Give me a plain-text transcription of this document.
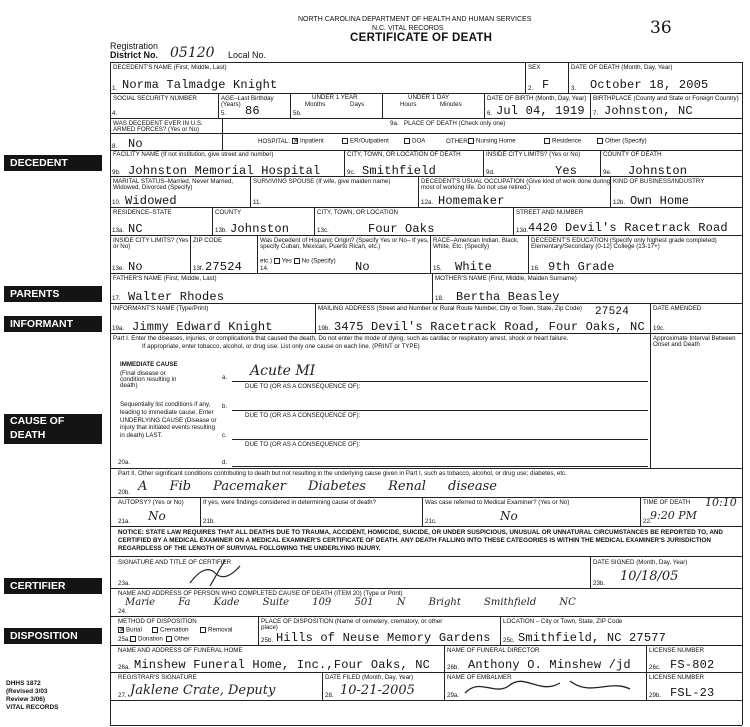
NORTH CAROLINA DEPARTMENT OF HEALTH AND HUMAN SERVICES
N.C. VITAL RECORDS
CERTIFICATE OF DEATH	36
Registration
District No. 05120 Local No.
DECEDENT
PARENTS
INFORMANT
CAUSE OF DEATH
CERTIFIER
DISPOSITION
DECEDENT'S NAME (First, Middle, Last)
1. Norma Talmadge Knight
SEX
2. F
DATE OF DEATH (Month, Day, Year)
3. October 18, 2005
SOCIAL SECURITY NUMBER
4.
AGE–Last Birthday (Years)
5. 86
UNDER 1 YEAR
Months	Days
5b.
UNDER 1 DAY
Hours	Minutes
DATE OF BIRTH (Month, Day, Year)
6. Jul 04, 1919
BIRTHPLACE (County and State or Foreign Country)
7. Johnston, NC
WAS DECEDENT EVER IN U.S. ARMED FORCES? (Yes or No)
8. No
9a. PLACE OF DEATH (Check only one)
HOSPITAL: ✕Inpatient	ER/Outpatient	DOA	OTHER:	Nursing Home	Residence	Other (Specify)
FACILITY NAME (If not institution, give street and number)
9b. Johnston Memorial Hospital
CITY, TOWN, OR LOCATION OF DEATH
9c. Smithfield
INSIDE CITY LIMITS? (Yes or No)
9d.	Yes
COUNTY OF DEATH
9e. Johnston
MARITAL STATUS–Married, Never Married, Widowed, Divorced (Specify)
10. Widowed
SURVIVING SPOUSE (If wife, give maiden name)
11.
DECEDENT'S USUAL OCCUPATION (Give kind of work done during most of working life. Do not use retired.)
12a. Homemaker
KIND OF BUSINESS/INDUSTRY
12b. Own Home
RESIDENCE–STATE
13a. NC
COUNTY
13b. Johnston
CITY, TOWN, OR LOCATION
13c.	Four Oaks
STREET AND NUMBER
13d. 4420 Devil's Racetrack Road
INSIDE CITY LIMITS? (Yes or No)
13e. No
ZIP CODE
13f. 27524
Was Decedent of Hispanic Origin? (Specify Yes or No– If yes, specify Cuban, Mexican, Puerto Rican, etc.)
etc.) Yes No (Specify)
14.	No
RACE–American Indian, Black, White, Etc. (Specify)
15. White
DECEDENT'S EDUCATION (Specify only highest grade completed) Elementary/Secondary (0-12) College (13-17+)
16. 9th Grade
FATHER'S NAME (First, Middle, Last)
17. Walter Rhodes
MOTHER'S NAME (First, Middle, Maiden Surname)
18. Bertha Beasley
INFORMANT'S NAME (Type/Print)
19a. Jimmy Edward Knight
MAILING ADDRESS (Street and Number or Rural Route Number, City or Town, State, Zip Code) 27524
19b. 3475 Devil's Racetrack Road, Four Oaks, NC
DATE AMENDED
19c.
Part I. Enter the diseases, injuries, or complications that caused the death. Do not enter the mode of dying, such as cardiac or respiratory arrest, shock or heart failure.
If appropriate, enter tobacco, alcohol, or drug use. List only one cause on each line. (PRINT or TYPE)
Approximate Interval Between Onset and Death
IMMEDIATE CAUSE
(Final disease or condition resulting in death)
a. Acute MI
DUE TO (OR AS A CONSEQUENCE OF):
Sequentially list conditions if any, leading to immediate cause. Enter UNDERLYING CAUSE (Disease or injury that initiated events resulting in death) LAST.
b.
DUE TO (OR AS A CONSEQUENCE OF):
c.
DUE TO (OR AS A CONSEQUENCE OF):
20a.	d.
Part II. Other significant conditions contributing to death but not resulting in the underlying cause given in Part I, such as tobacco, alcohol, or drug use; diabetes, etc.
20b. A Fib Pacemaker Diabetes Renal disease
AUTOPSY? (Yes or No)
21a. No
If yes, were findings considered in determining cause of death?
21b.
Was case referred to Medical Examiner? (Yes or No)
21c.	No
TIME OF DEATH 10:10
22.
9:20 PM
NOTICE: STATE LAW REQUIRES THAT ALL DEATHS DUE TO TRAUMA, ACCIDENT, HOMICIDE, SUICIDE, OR UNDER SUSPICIOUS, UNUSUAL OR UNNATURAL CIRCUMSTANCES BE REPORTED TO, AND CERTIFIED BY A MEDICAL EXAMINER ON A MEDICAL EXAMINER'S CERTIFICATE OF DEATH. ANY DEATH FALLING INTO THESE CATEGORIES IS WITHIN THE MEDICAL EXAMINER'S JURISDICTION REGARDLESS OF THE LENGTH OF SURVIVAL FOLLOWING THE UNDERLYING INJURY.
SIGNATURE AND TITLE OF CERTIFIER
23a.
DATE SIGNED (Month, Day, Year)
23b. 10/18/05
NAME AND ADDRESS OF PERSON WHO COMPLETED CAUSE OF DEATH (ITEM 20) (Type or Print)
24.
Marie Fa Kade Suite 109 501 N Bright Smithfield NC
METHOD OF DISPOSITION
✕Burial	Cremation	Removal
25a.	Donation	Other
PLACE OF DISPOSITION (Name of cemetery, crematory, or other place)
25b. Hills of Neuse Memory Gardens
LOCATION – City or Town, State, ZIP Code
25c. Smithfield, NC 27577
NAME AND ADDRESS OF FUNERAL HOME
26a. Minshew Funeral Home, Inc.,Four Oaks, NC
NAME OF FUNERAL DIRECTOR
26b. Anthony O. Minshew /jd
LICENSE NUMBER
26c. FS-802
REGISTRAR'S SIGNATURE
27. Jaklene Crate, Deputy
DATE FILED (Month, Day, Year)
28. 10-21-2005
NAME OF EMBALMER
29a.
LICENSE NUMBER
29b. FSL-23
DHHS 1872
(Revised 3/03
Review 3/06)
VITAL RECORDS
